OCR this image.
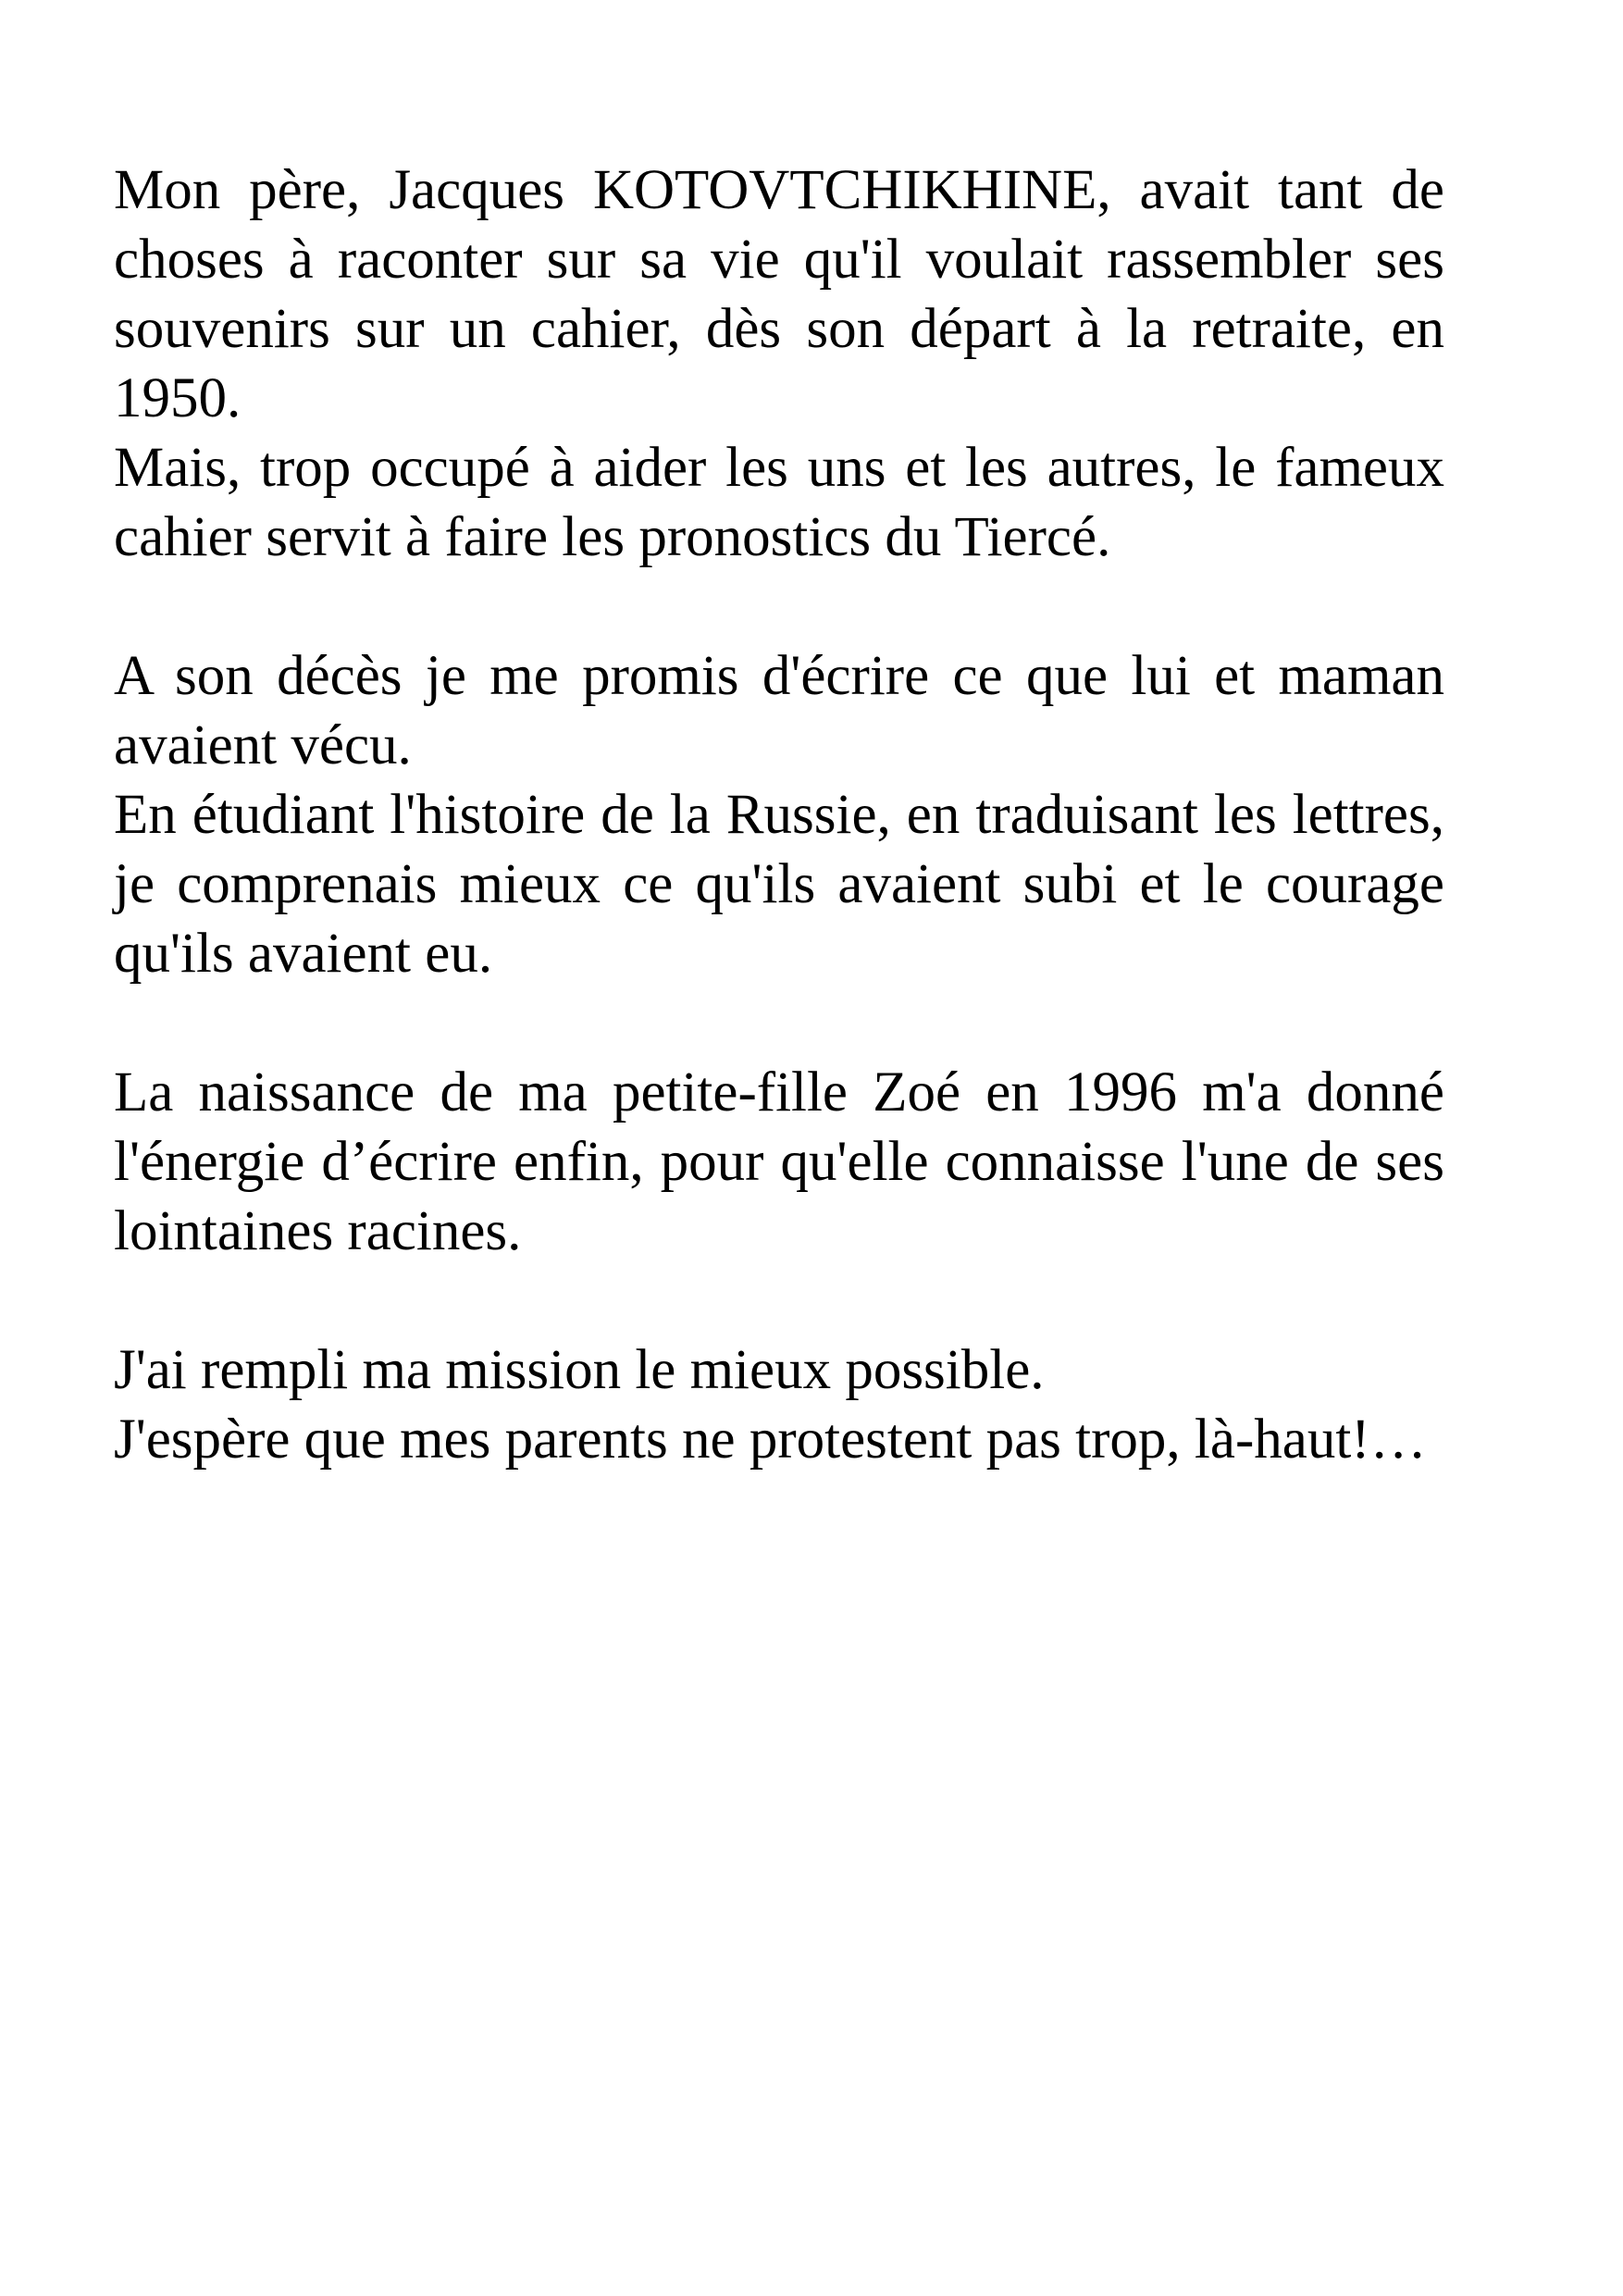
Mon père, Jacques KOTOVTCHIKHINE, avait tant de choses à raconter sur sa vie qu'il voulait rassembler ses souvenirs sur un cahier, dès son départ à la retraite, en 1950.

Mais, trop occupé à aider les uns et les autres, le fameux cahier servit à faire les pronostics du Tiercé.

A son décès je me promis d'écrire ce que lui et maman avaient vécu.

En étudiant l'histoire de la Russie, en traduisant les lettres, je comprenais mieux ce qu'ils avaient subi et le courage qu'ils avaient eu.

La naissance de ma petite-fille Zoé en 1996 m'a donné l'énergie d’écrire enfin, pour qu'elle connaisse l'une de ses lointaines racines.

J'ai rempli ma mission le mieux possible.

J'espère que mes parents ne protestent pas trop, là-haut!…
